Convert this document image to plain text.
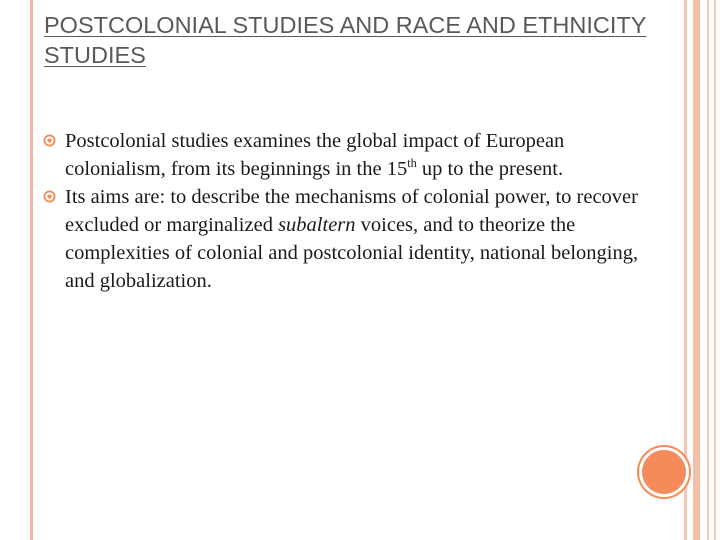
POSTCOLONIAL STUDIES AND RACE AND ETHNICITY STUDIES
Postcolonial studies examines the global impact of European colonialism, from its beginnings in the 15th up to the present.
Its aims are: to describe the mechanisms of colonial power, to recover excluded or marginalized subaltern voices, and to theorize the complexities of colonial and postcolonial identity, national belonging, and globalization.
